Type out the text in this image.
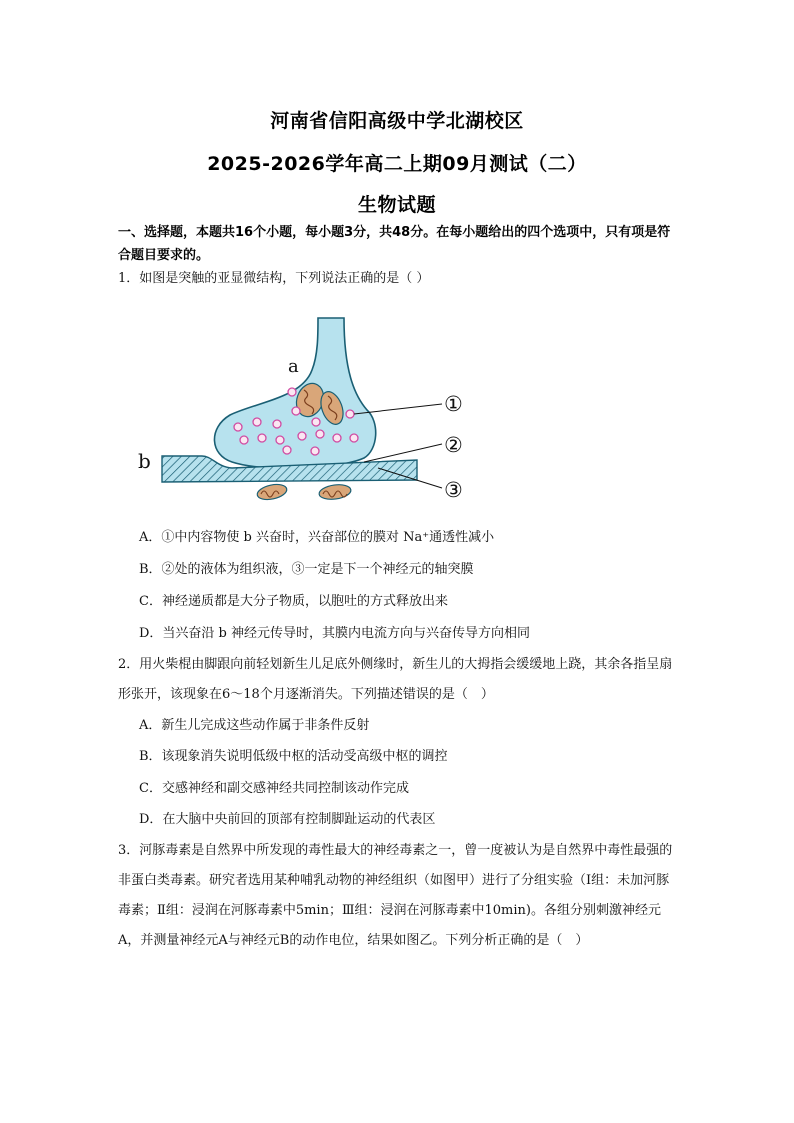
河南省信阳高级中学北湖校区
2025-2026学年高二上期09月测试（二）
生物试题
一、选择题，本题共16个小题，每小题3分，共48分。在每小题给出的四个选项中，只有项是符合题目要求的。
1．如图是突触的亚显微结构，下列说法正确的是（ ）
a
b
①
②
③
A．①中内容物使 b 兴奋时，兴奋部位的膜对 Na⁺通透性减小
B．②处的液体为组织液，③一定是下一个神经元的轴突膜
C．神经递质都是大分子物质，以胞吐的方式释放出来
D．当兴奋沿 b 神经元传导时，其膜内电流方向与兴奋传导方向相同
2．用火柴棍由脚跟向前轻划新生儿足底外侧缘时，新生儿的大拇指会缓缓地上跷，其余各指呈扇形张开，该现象在6～18个月逐渐消失。下列描述错误的是（　）
A．新生儿完成这些动作属于非条件反射
B．该现象消失说明低级中枢的活动受高级中枢的调控
C．交感神经和副交感神经共同控制该动作完成
D．在大脑中央前回的顶部有控制脚趾运动的代表区
3．河豚毒素是自然界中所发现的毒性最大的神经毒素之一，曾一度被认为是自然界中毒性最强的非蛋白类毒素。研究者选用某种哺乳动物的神经组织（如图甲）进行了分组实验（Ⅰ组：未加河豚毒素；Ⅱ组：浸润在河豚毒素中5min；Ⅲ组：浸润在河豚毒素中10min)。各组分别刺激神经元A，并测量神经元A与神经元B的动作电位，结果如图乙。下列分析正确的是（　）
